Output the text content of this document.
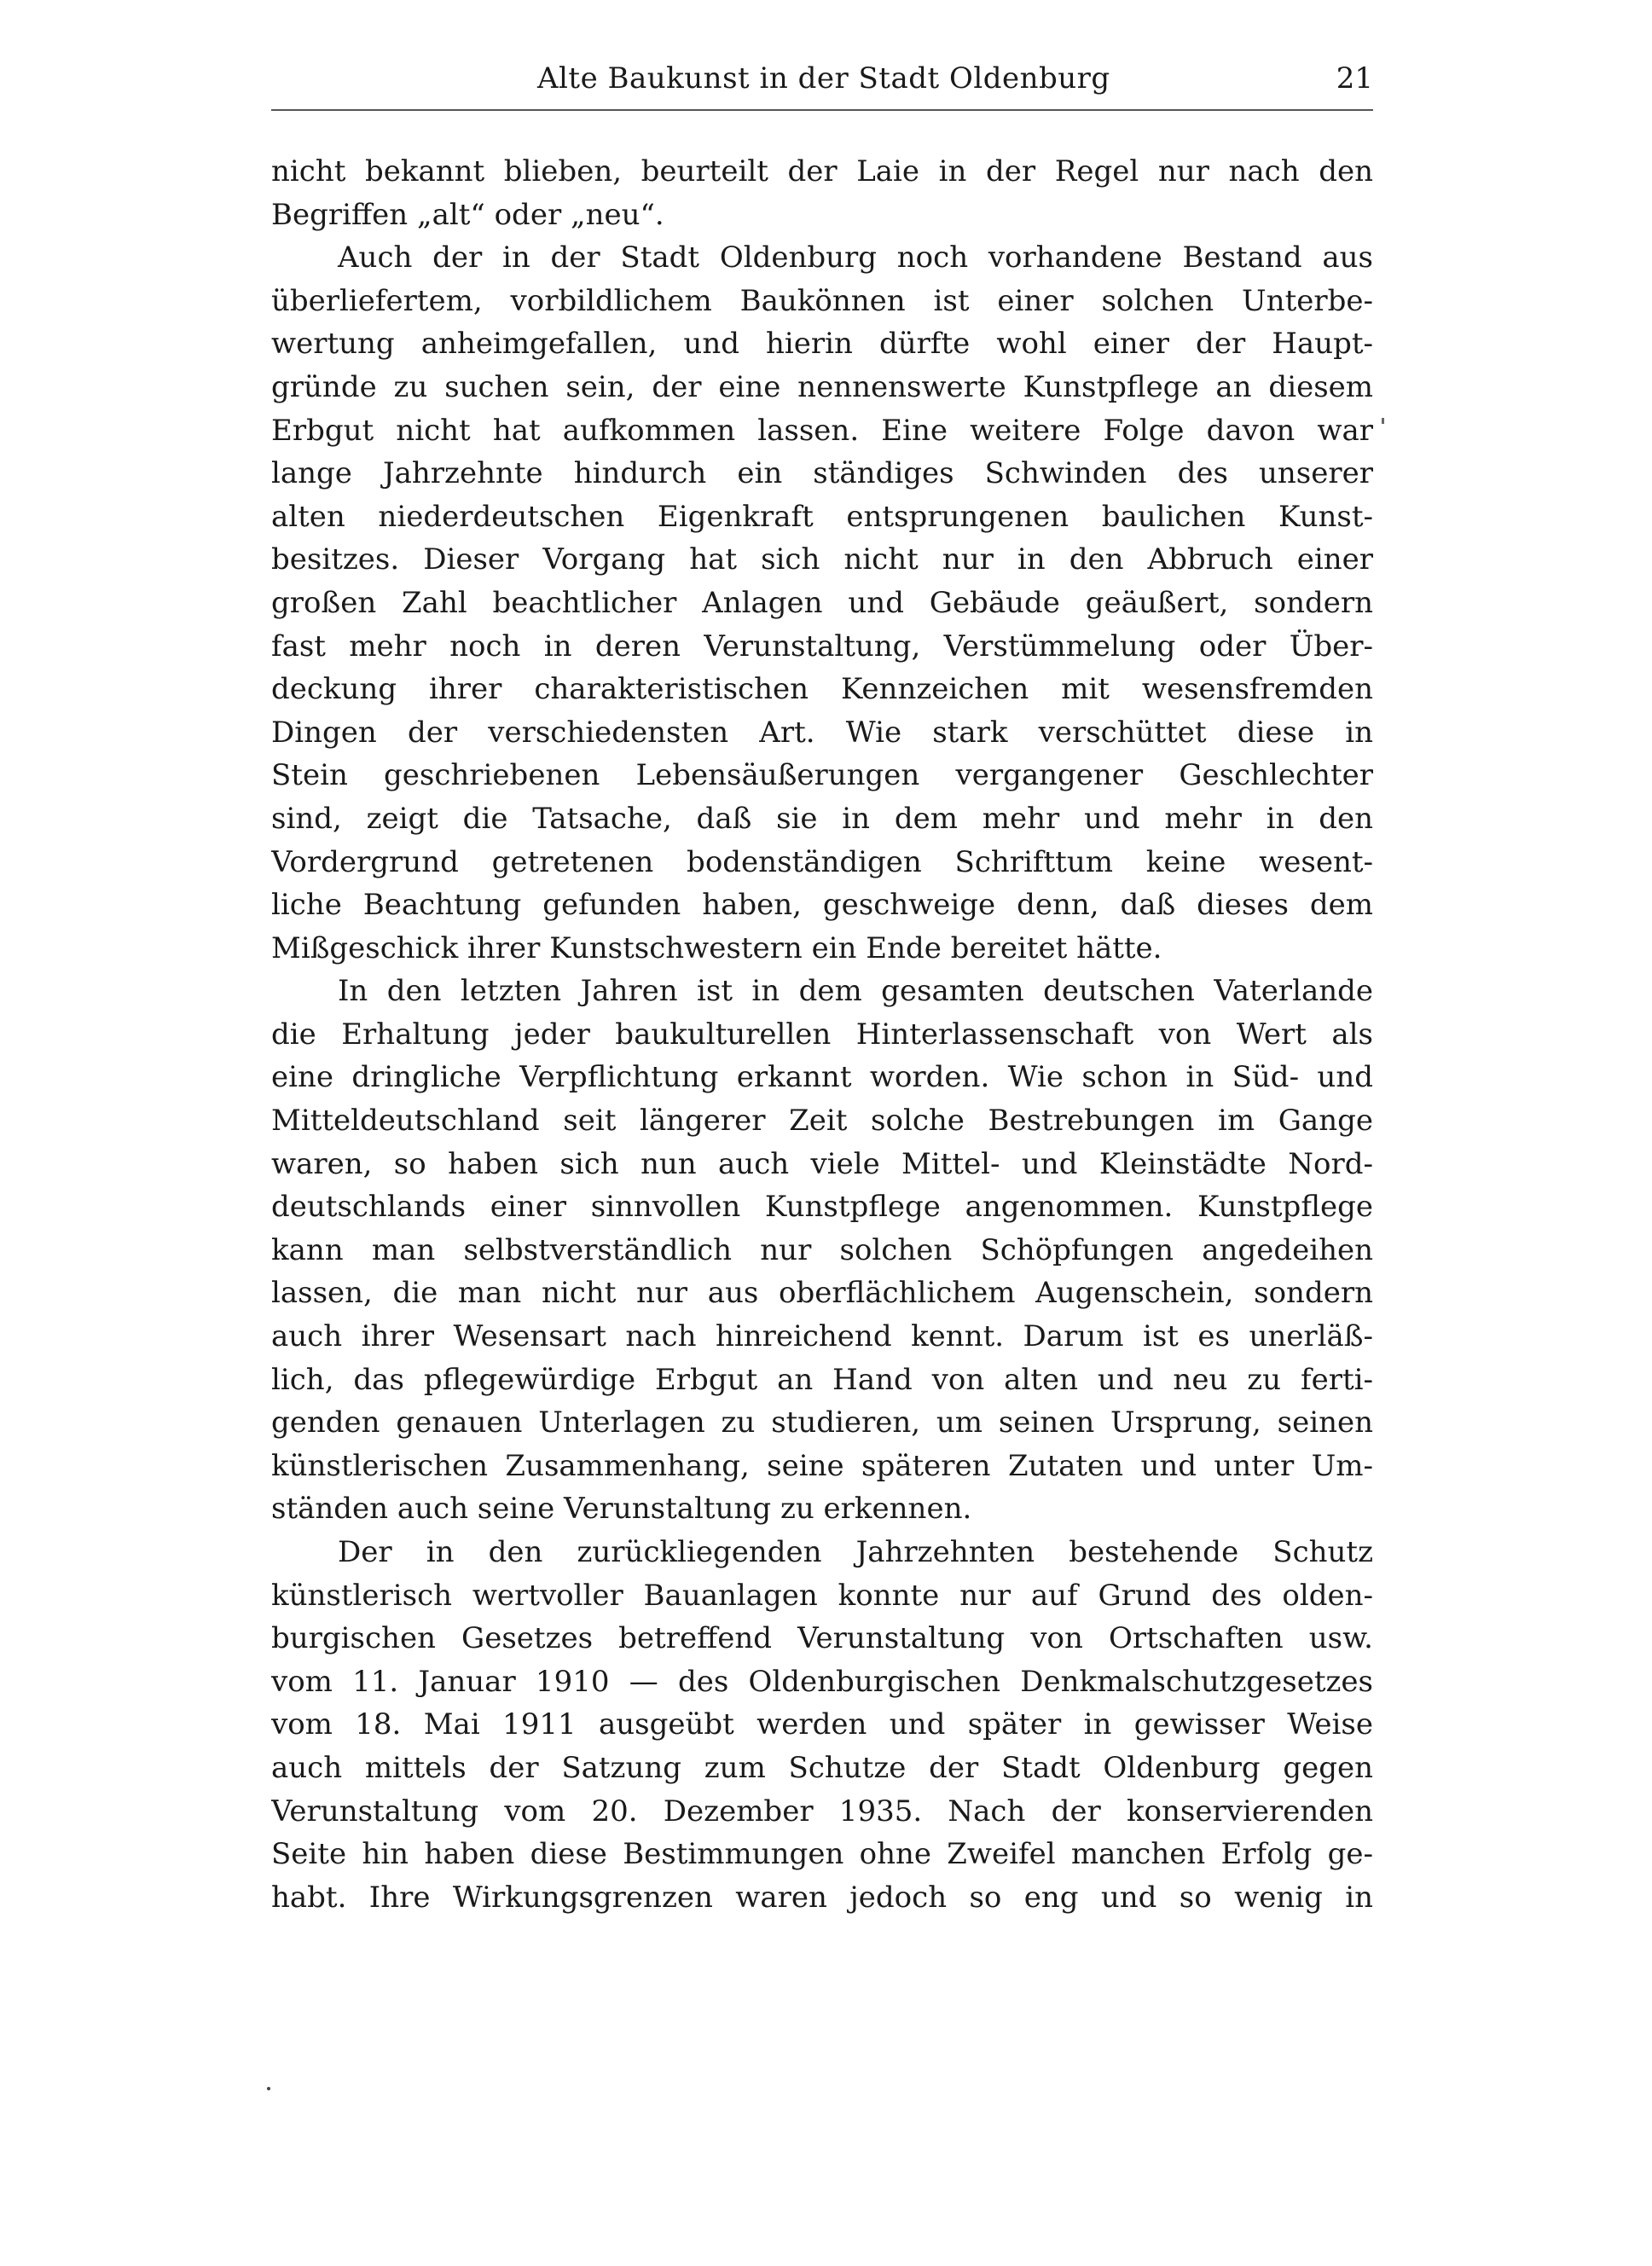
Alte Baukunst in der Stadt Oldenburg	21
nicht bekannt blieben, beurteilt der Laie in der Regel nur nach den
Begriffen „alt“ oder „neu“.
Auch der in der Stadt Oldenburg noch vorhandene Bestand aus
überliefertem, vorbildlichem Baukönnen ist einer solchen Unterbe-
wertung anheimgefallen, und hierin dürfte wohl einer der Haupt-
gründe zu suchen sein, der eine nennenswerte Kunstpflege an diesem
Erbgut nicht hat aufkommen lassen. Eine weitere Folge davon war
lange Jahrzehnte hindurch ein ständiges Schwinden des unserer
alten niederdeutschen Eigenkraft entsprungenen baulichen Kunst-
besitzes. Dieser Vorgang hat sich nicht nur in den Abbruch einer
großen Zahl beachtlicher Anlagen und Gebäude geäußert, sondern
fast mehr noch in deren Verunstaltung, Verstümmelung oder Über-
deckung ihrer charakteristischen Kennzeichen mit wesensfremden
Dingen der verschiedensten Art. Wie stark verschüttet diese in
Stein geschriebenen Lebensäußerungen vergangener Geschlechter
sind, zeigt die Tatsache, daß sie in dem mehr und mehr in den
Vordergrund getretenen bodenständigen Schrifttum keine wesent-
liche Beachtung gefunden haben, geschweige denn, daß dieses dem
Mißgeschick ihrer Kunstschwestern ein Ende bereitet hätte.
In den letzten Jahren ist in dem gesamten deutschen Vaterlande
die Erhaltung jeder baukulturellen Hinterlassenschaft von Wert als
eine dringliche Verpflichtung erkannt worden. Wie schon in Süd- und
Mitteldeutschland seit längerer Zeit solche Bestrebungen im Gange
waren, so haben sich nun auch viele Mittel- und Kleinstädte Nord-
deutschlands einer sinnvollen Kunstpflege angenommen. Kunstpflege
kann man selbstverständlich nur solchen Schöpfungen angedeihen
lassen, die man nicht nur aus oberflächlichem Augenschein, sondern
auch ihrer Wesensart nach hinreichend kennt. Darum ist es unerläß-
lich, das pflegewürdige Erbgut an Hand von alten und neu zu ferti-
genden genauen Unterlagen zu studieren, um seinen Ursprung, seinen
künstlerischen Zusammenhang, seine späteren Zutaten und unter Um-
ständen auch seine Verunstaltung zu erkennen.
Der in den zurückliegenden Jahrzehnten bestehende Schutz
künstlerisch wertvoller Bauanlagen konnte nur auf Grund des olden-
burgischen Gesetzes betreffend Verunstaltung von Ortschaften usw.
vom 11. Januar 1910 — des Oldenburgischen Denkmalschutzgesetzes
vom 18. Mai 1911 ausgeübt werden und später in gewisser Weise
auch mittels der Satzung zum Schutze der Stadt Oldenburg gegen
Verunstaltung vom 20. Dezember 1935. Nach der konservierenden
Seite hin haben diese Bestimmungen ohne Zweifel manchen Erfolg ge-
habt. Ihre Wirkungsgrenzen waren jedoch so eng und so wenig in
